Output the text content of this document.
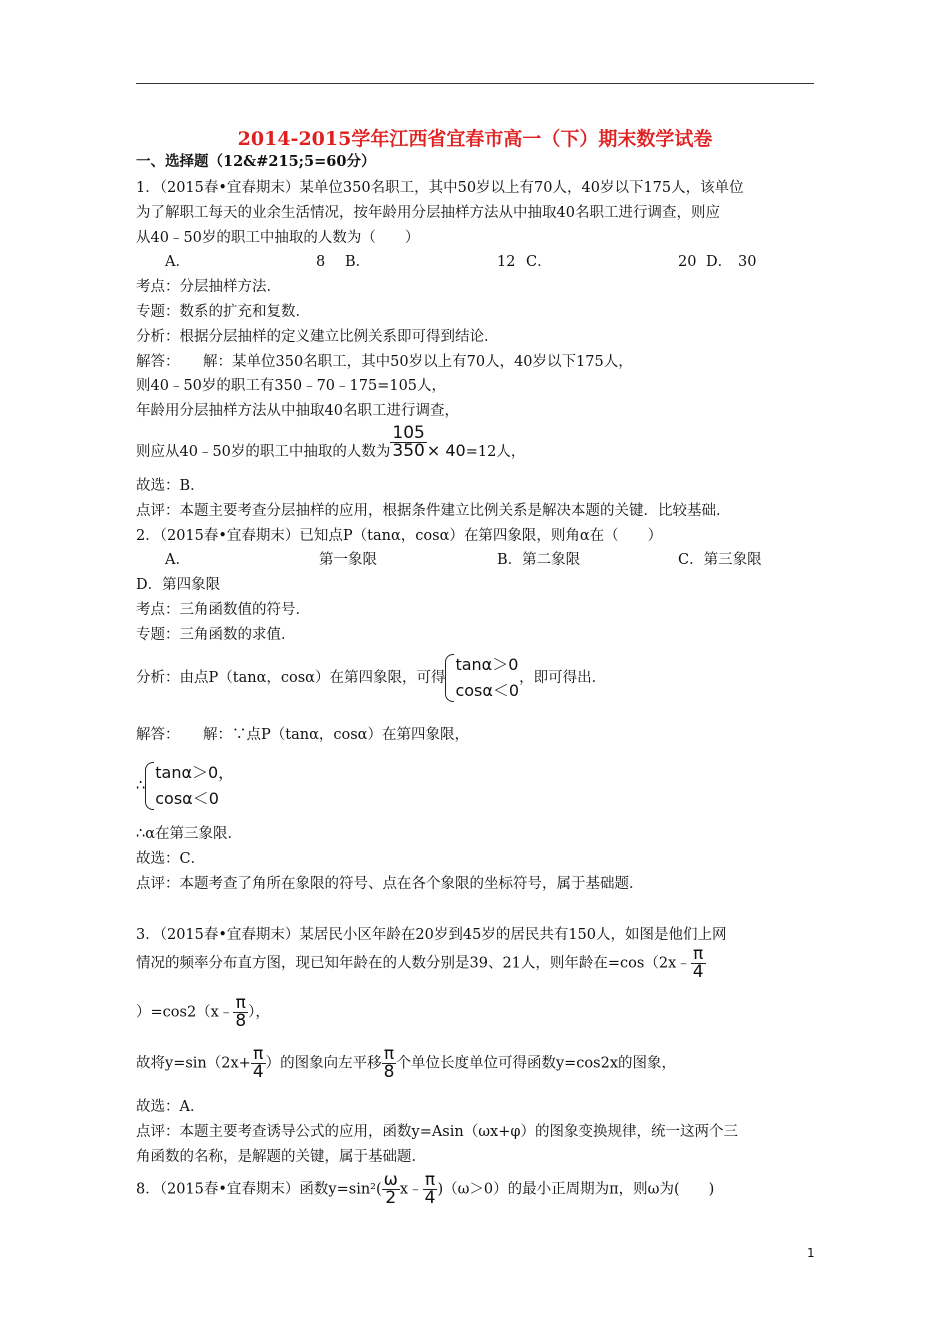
2014-2015学年江西省宜春市高一（下）期末数学试卷
一、选择题（12&#215;5=60分）
1．（2015春•宜春期末）某单位350名职工，其中50岁以上有70人，40岁以下175人，该单位
为了解职工每天的业余生活情况，按年龄用分层抽样方法从中抽取40名职工进行调查，则应
从40﹣50岁的职工中抽取的人数为（　　）
A．	8 B．	12 C．	20 D． 30
考点：分层抽样方法．
专题：数系的扩充和复数．
分析：根据分层抽样的定义建立比例关系即可得到结论．
解答： 解：某单位350名职工，其中50岁以上有70人，40岁以下175人，
则40﹣50岁的职工有350﹣70﹣175=105人，
年龄用分层抽样方法从中抽取40名职工进行调查，
则应从40﹣50岁的职工中抽取的人数为 $\frac{105}{350} \times 40=12$人，
故选：B．
点评：本题主要考查分层抽样的应用，根据条件建立比例关系是解决本题的关键．比较基础．
2．（2015春•宜春期末）已知点P（tanα，cosα）在第四象限，则角α在（　　）
A．	第一象限	B．第二象限	C．第三象限
D．第四象限
考点：三角函数值的符号．
专题：三角函数的求值．
分析：由点P（tanα，cosα）在第四象限，可得
tanα＞0
cosα＜0
，即可得出．
解答： 解：∵点P（tanα，cosα）在第四象限，
∴
tanα＞0，
cosα＜0
∴α在第三象限．
故选：C．
点评：本题考查了角所在象限的符号、点在各个象限的坐标符号，属于基础题．
3．（2015春•宜春期末）某居民小区年龄在20岁到45岁的居民共有150人，如图是他们上网
情况的频率分布直方图，现已知年龄在的人数分别是39、21人，则年龄在=cos（2x﹣ $\frac{\pi}{4}$
）=cos2（x﹣ $\frac{\pi}{8}$ ），
故将$y=\sin(2x+ \frac{\pi}{4}$ ）的图象向左平移 $\frac{\pi}{8}$ 个单位长度单位可得函数y=cos2x的图象，
故选：A．
点评：本题主要考查诱导公式的应用，函数y=Asin（ωx+φ）的图象变换规律，统一这两个三
角函数的名称，是解题的关键，属于基础题．
8．（2015春•宜春期末）函数$y=\sin^2( \frac{\omega}{2}$ x﹣ $\frac{\pi}{4} )(\omega>0)$的最小正周期为π，则ω为(　　)
1
